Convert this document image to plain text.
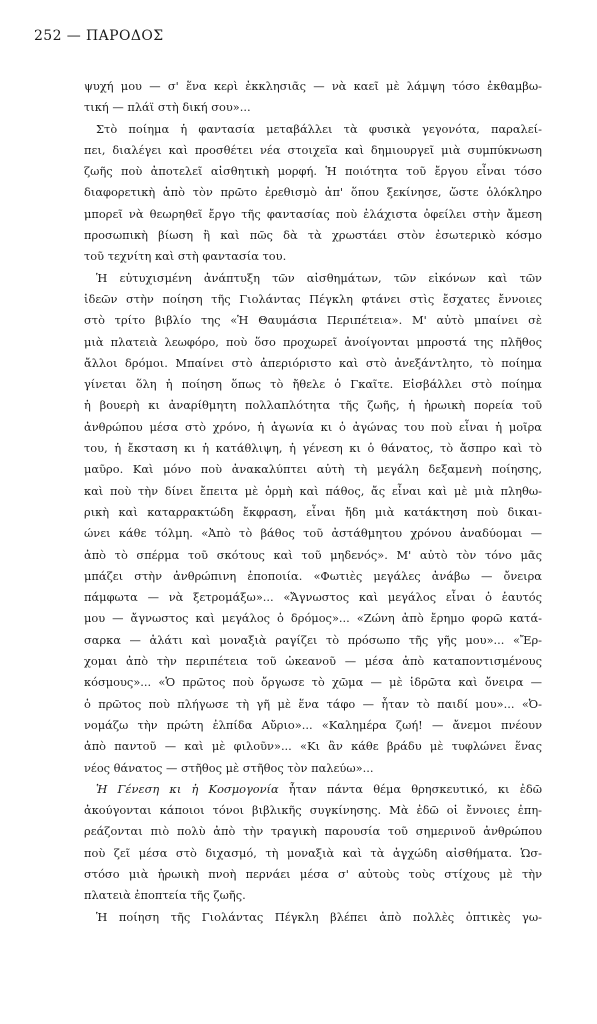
252 — ΠΑΡΟΔΟΣ
ψυχή μου — σ' ἕνα κερὶ ἐκκλησιᾶς — νὰ καεῖ μὲ λάμψη τόσο ἐκθαμβω-
τική — πλάϊ στὴ δική σου»...
Στὸ ποίημα ἡ φαντασία μεταβάλλει τὰ φυσικὰ γεγονότα, παραλεί-
πει, διαλέγει καὶ προσθέτει νέα στοιχεῖα καὶ δημιουργεῖ μιὰ συμπύκνωση
ζωῆς ποὺ ἀποτελεῖ αἰσθητικὴ μορφή. Ἡ ποιότητα τοῦ ἔργου εἶναι τόσο
διαφορετικὴ ἀπὸ τὸν πρῶτο ἐρεθισμὸ ἀπ' ὅπου ξεκίνησε, ὥστε ὁλόκληρο
μπορεῖ νὰ θεωρηθεῖ ἔργο τῆς φαντασίας ποὺ ἐλάχιστα ὀφείλει στὴν ἄμεση
προσωπικὴ βίωση ἢ καὶ πῶς δὰ τὰ χρωστάει στὸν ἐσωτερικὸ κόσμο
τοῦ τεχνίτη καὶ στὴ φαντασία του.
Ἡ εὐτυχισμένη ἀνάπτυξη τῶν αἰσθημάτων, τῶν εἰκόνων καὶ τῶν
ἰδεῶν στὴν ποίηση τῆς Γιολάντας Πέγκλη φτάνει στὶς ἔσχατες ἔννοιες
στὸ τρίτο βιβλίο της «Ἡ Θαυμάσια Περιπέτεια». Μ' αὐτὸ μπαίνει σὲ
μιὰ πλατειὰ λεωφόρο, ποὺ ὅσο προχωρεῖ ἀνοίγονται μπροστά της πλῆθος
ἄλλοι δρόμοι. Μπαίνει στὸ ἀπεριόριστο καὶ στὸ ἀνεξάντλητο, τὸ ποίημα
γίνεται ὅλη ἡ ποίηση ὅπως τὸ ἤθελε ὁ Γκαῖτε. Εἰσβάλλει στὸ ποίημα
ἡ βουερὴ κι ἀναρίθμητη πολλαπλότητα τῆς ζωῆς, ἡ ἡρωικὴ πορεία τοῦ
ἀνθρώπου μέσα στὸ χρόνο, ἡ ἀγωνία κι ὁ ἀγώνας του ποὺ εἶναι ἡ μοῖρα
του, ἡ ἔκσταση κι ἡ κατάθλιψη, ἡ γένεση κι ὁ θάνατος, τὸ ἄσπρο καὶ τὸ
μαῦρο. Καὶ μόνο ποὺ ἀνακαλύπτει αὐτὴ τὴ μεγάλη δεξαμενὴ ποίησης,
καὶ ποὺ τὴν δίνει ἔπειτα μὲ ὁρμὴ καὶ πάθος, ἄς εἶναι καὶ μὲ μιὰ πληθω-
ρικὴ καὶ καταρρακτώδη ἔκφραση, εἶναι ἤδη μιὰ κατάκτηση ποὺ δικαι-
ώνει κάθε τόλμη. «Ἀπὸ τὸ βάθος τοῦ ἀστάθμητου χρόνου ἀναδύομαι —
ἀπὸ τὸ σπέρμα τοῦ σκότους καὶ τοῦ μηδενός». Μ' αὐτὸ τὸν τόνο μᾶς
μπάζει στὴν ἀνθρώπινη ἐποποιία. «Φωτιὲς μεγάλες ἀνάβω — ὄνειρα
πάμφωτα — νὰ ξετρομάξω»... «Ἄγνωστος καὶ μεγάλος εἶναι ὁ ἑαυτός
μου — ἄγνωστος καὶ μεγάλος ὁ δρόμος»... «Ζώνη ἀπὸ ἔρημο φορῶ κατά-
σαρκα — ἁλάτι καὶ μοναξιὰ ραγίζει τὸ πρόσωπο τῆς γῆς μου»... «Ἔρ-
χομαι ἀπὸ τὴν περιπέτεια τοῦ ὠκεανοῦ — μέσα ἀπὸ καταποντισμένους
κόσμους»... «Ὁ πρῶτος ποὺ ὄργωσε τὸ χῶμα — μὲ ἱδρῶτα καὶ ὄνειρα —
ὁ πρῶτος ποὺ πλήγωσε τὴ γῆ μὲ ἕνα τάφο — ἦταν τὸ παιδί μου»... «Ὀ-
νομάζω τὴν πρώτη ἐλπίδα Αὔριο»... «Καλημέρα ζωή! — ἄνεμοι πνέουν
ἀπὸ παντοῦ — καὶ μὲ φιλοῦν»... «Κι ἂν κάθε βράδυ μὲ τυφλώνει ἕνας
νέος θάνατος — στῆθος μὲ στῆθος τὸν παλεύω»...
Ἡ Γένεση κι ἡ Κοσμογονία ἦταν πάντα θέμα θρησκευτικό, κι ἐδῶ
ἀκούγονται κάποιοι τόνοι βιβλικῆς συγκίνησης. Μὰ ἐδῶ οἱ ἔννοιες ἐπη-
ρεάζονται πιὸ πολὺ ἀπὸ τὴν τραγικὴ παρουσία τοῦ σημερινοῦ ἀνθρώπου
ποὺ ζεῖ μέσα στὸ διχασμό, τὴ μοναξιὰ καὶ τὰ ἀγχώδη αἰσθήματα. Ὡσ-
στόσο μιὰ ἡρωικὴ πνοὴ περνάει μέσα σ' αὐτοὺς τοὺς στίχους μὲ τὴν
πλατειὰ ἐποπτεία τῆς ζωῆς.
Ἡ ποίηση τῆς Γιολάντας Πέγκλη βλέπει ἀπὸ πολλὲς ὀπτικὲς γω-
